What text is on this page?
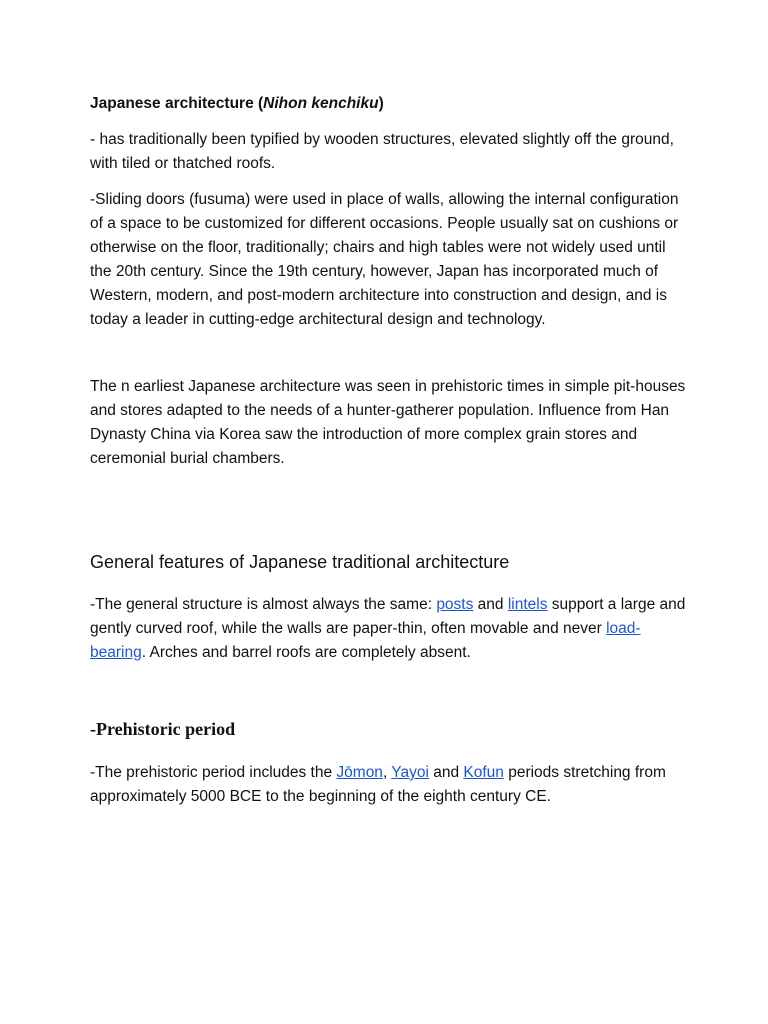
Japanese architecture (Nihon kenchiku)

- has traditionally been typified by wooden structures, elevated slightly off the ground, with tiled or thatched roofs.

-Sliding doors (fusuma) were used in place of walls, allowing the internal configuration of a space to be customized for different occasions. People usually sat on cushions or otherwise on the floor, traditionally; chairs and high tables were not widely used until the 20th century. Since the 19th century, however, Japan has incorporated much of Western, modern, and post-modern architecture into construction and design, and is today a leader in cutting-edge architectural design and technology.

The n earliest Japanese architecture was seen in prehistoric times in simple pit-houses and stores adapted to the needs of a hunter-gatherer population. Influence from Han Dynasty China via Korea saw the introduction of more complex grain stores and ceremonial burial chambers.

General features of Japanese traditional architecture

-The general structure is almost always the same: posts and lintels support a large and gently curved roof, while the walls are paper-thin, often movable and never load-bearing. Arches and barrel roofs are completely absent.

-Prehistoric period

-The prehistoric period includes the Jōmon, Yayoi and Kofun periods stretching from approximately 5000 BCE to the beginning of the eighth century CE.
